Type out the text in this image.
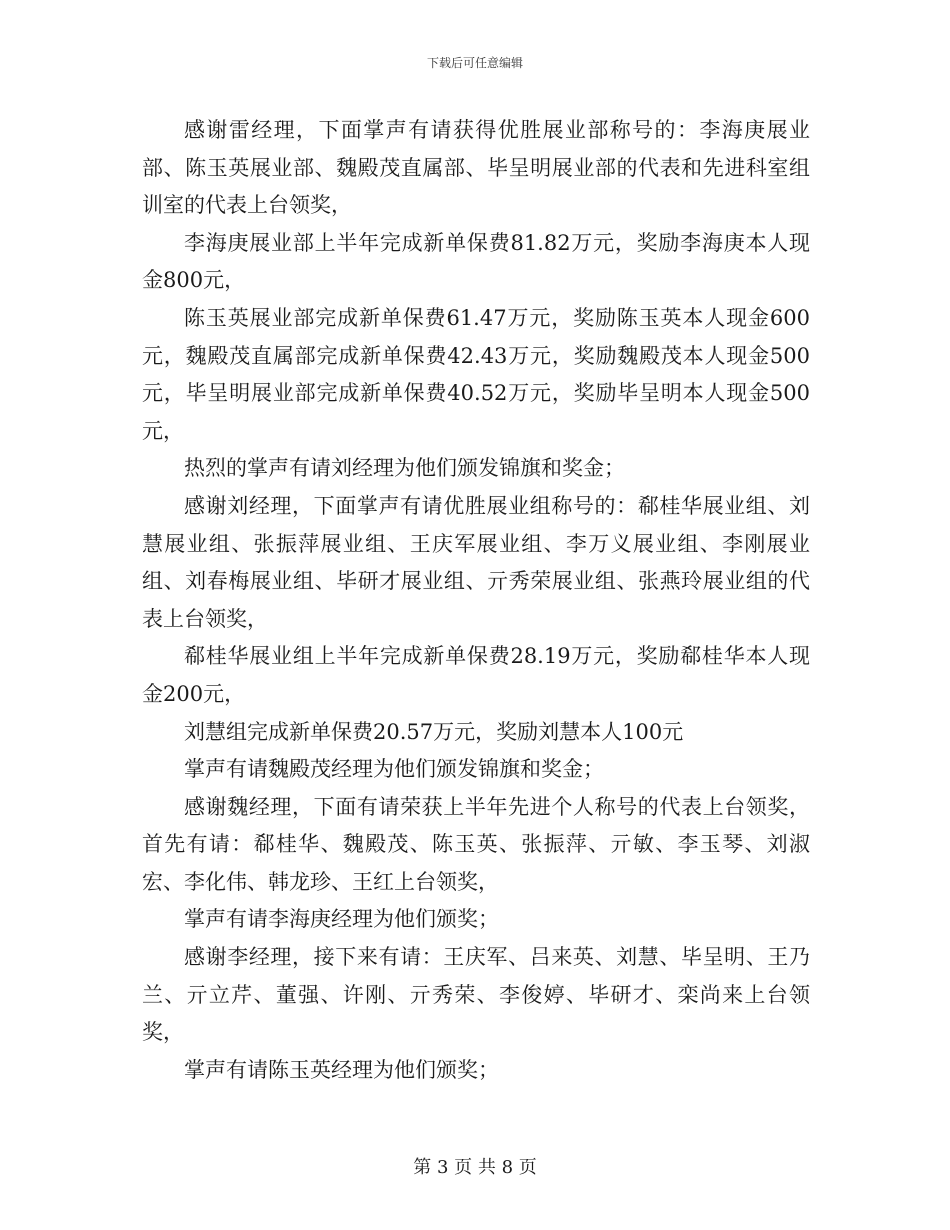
下载后可任意编辑

感谢雷经理，下面掌声有请获得优胜展业部称号的：李海庚展业部、陈玉英展业部、魏殿茂直属部、毕呈明展业部的代表和先进科室组训室的代表上台领奖，

李海庚展业部上半年完成新单保费81.82万元，奖励李海庚本人现金800元，

陈玉英展业部完成新单保费61.47万元，奖励陈玉英本人现金600元，魏殿茂直属部完成新单保费42.43万元，奖励魏殿茂本人现金500元，毕呈明展业部完成新单保费40.52万元，奖励毕呈明本人现金500元，

热烈的掌声有请刘经理为他们颁发锦旗和奖金；

感谢刘经理，下面掌声有请优胜展业组称号的：郗桂华展业组、刘慧展业组、张振萍展业组、王庆军展业组、李万义展业组、李刚展业组、刘春梅展业组、毕研才展业组、亓秀荣展业组、张燕玲展业组的代表上台领奖，

郗桂华展业组上半年完成新单保费28.19万元，奖励郗桂华本人现金200元，

刘慧组完成新单保费20.57万元，奖励刘慧本人100元

掌声有请魏殿茂经理为他们颁发锦旗和奖金；

感谢魏经理，下面有请荣获上半年先进个人称号的代表上台领奖，首先有请：郗桂华、魏殿茂、陈玉英、张振萍、亓敏、李玉琴、刘淑宏、李化伟、韩龙珍、王红上台领奖，

掌声有请李海庚经理为他们颁奖；

感谢李经理，接下来有请：王庆军、吕来英、刘慧、毕呈明、王乃兰、亓立芹、董强、许刚、亓秀荣、李俊婷、毕研才、栾尚来上台领奖，

掌声有请陈玉英经理为他们颁奖；

第 3 页 共 8 页
